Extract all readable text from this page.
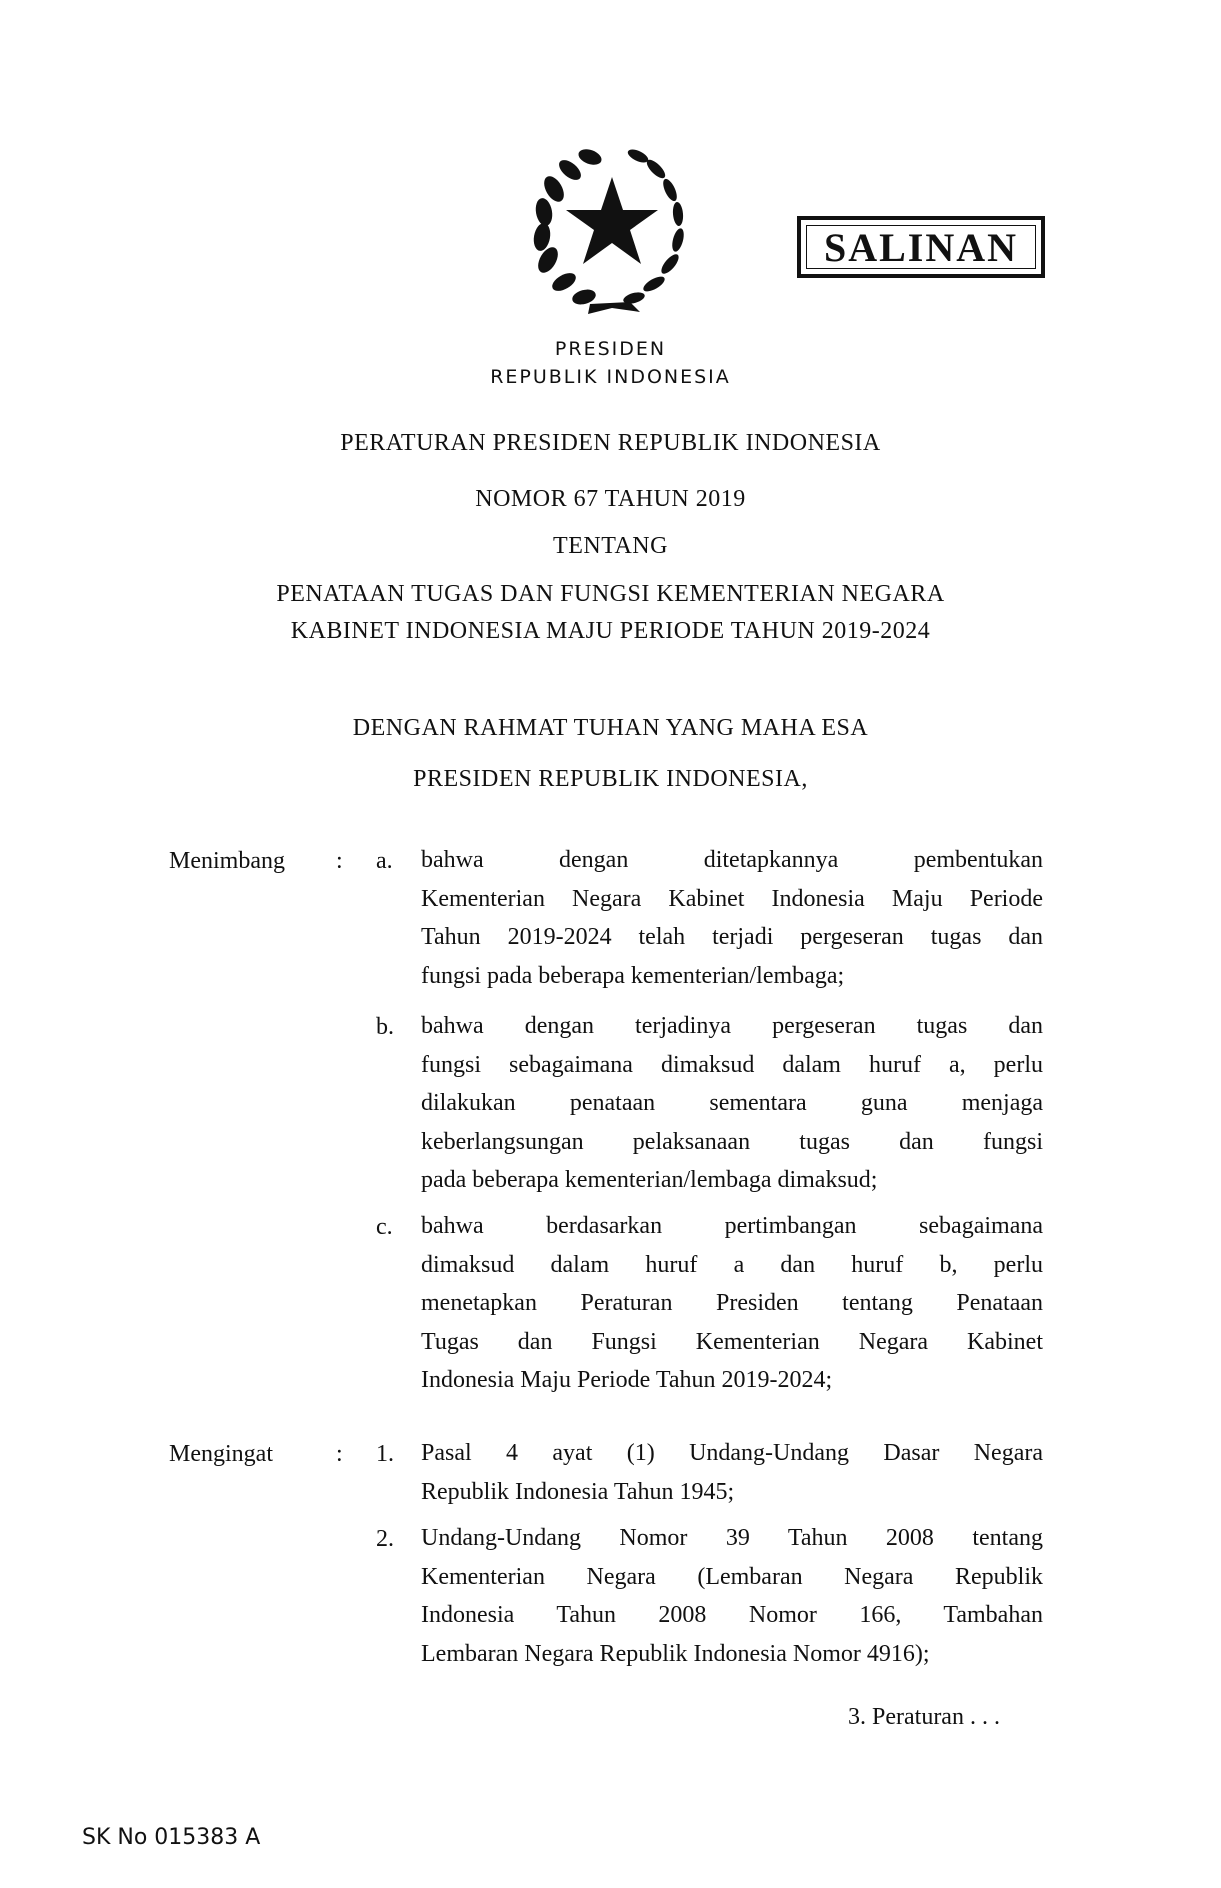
SALINAN
PRESIDEN
REPUBLIK INDONESIA
PERATURAN PRESIDEN REPUBLIK INDONESIA
NOMOR 67 TAHUN 2019
TENTANG
PENATAAN TUGAS DAN FUNGSI KEMENTERIAN NEGARA
KABINET INDONESIA MAJU PERIODE TAHUN 2019-2024
DENGAN RAHMAT TUHAN YANG MAHA ESA
PRESIDEN REPUBLIK INDONESIA,
Menimbang : a. bahwa dengan ditetapkannya pembentukan
Kementerian Negara Kabinet Indonesia Maju Periode
Tahun 2019-2024 telah terjadi pergeseran tugas dan
fungsi pada beberapa kementerian/lembaga;
b. bahwa dengan terjadinya pergeseran tugas dan
fungsi sebagaimana dimaksud dalam huruf a, perlu
dilakukan penataan sementara guna menjaga
keberlangsungan pelaksanaan tugas dan fungsi
pada beberapa kementerian/lembaga dimaksud;
c. bahwa berdasarkan pertimbangan sebagaimana
dimaksud dalam huruf a dan huruf b, perlu
menetapkan Peraturan Presiden tentang Penataan
Tugas dan Fungsi Kementerian Negara Kabinet
Indonesia Maju Periode Tahun 2019-2024;
Mengingat	: 1. Pasal 4 ayat (1) Undang-Undang Dasar Negara
Republik Indonesia Tahun 1945;
2. Undang-Undang Nomor 39 Tahun 2008 tentang
Kementerian Negara (Lembaran Negara Republik
Indonesia Tahun 2008 Nomor 166, Tambahan
Lembaran Negara Republik Indonesia Nomor 4916);
3. Peraturan . . .
SK No 015383 A
